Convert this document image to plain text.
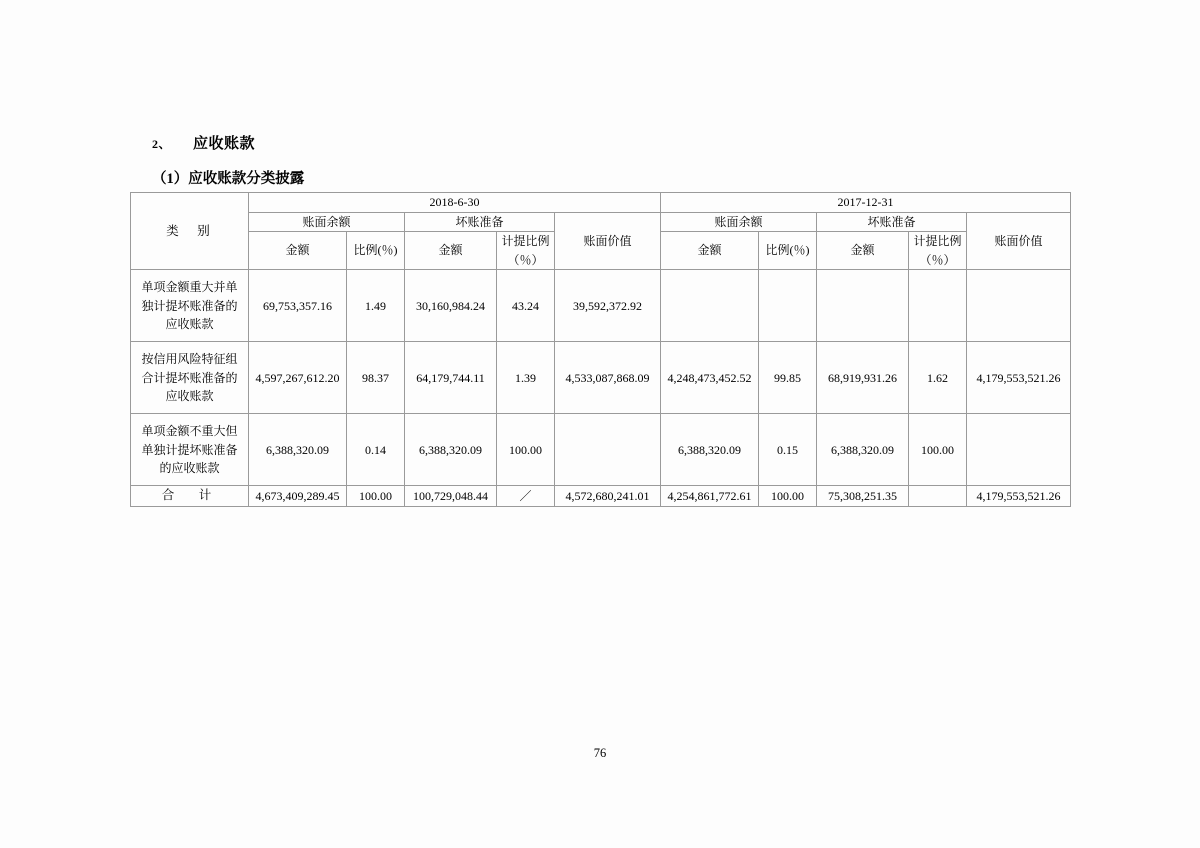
2、 应收账款
（1）应收账款分类披露
类　别	2018-6-30					2017-12-31				
	账面余额		坏账准备		账面价值	账面余额		坏账准备		账面价值
	金额	比例(％)	金额	计提比例（％）		金额	比例(％)	金额	计提比例（％）	

单项金额重大并单
独计提坏账准备的
应收账款	69,753,357.16	1.49	30,160,984.24	43.24	39,592,372.92					

按信用风险特征组
合计提坏账准备的
应收账款	4,597,267,612.20	98.37	64,179,744.11	1.39	4,533,087,868.09	4,248,473,452.52	99.85	68,919,931.26	1.62	4,179,553,521.26

单项金额不重大但
单独计提坏账准备
的应收账款	6,388,320.09	0.14	6,388,320.09	100.00		6,388,320.09	0.15	6,388,320.09	100.00	
合　计	4,673,409,289.45	100.00	100,729,048.44	／	4,572,680,241.01	4,254,861,772.61	100.00	75,308,251.35		4,179,553,521.26
76
